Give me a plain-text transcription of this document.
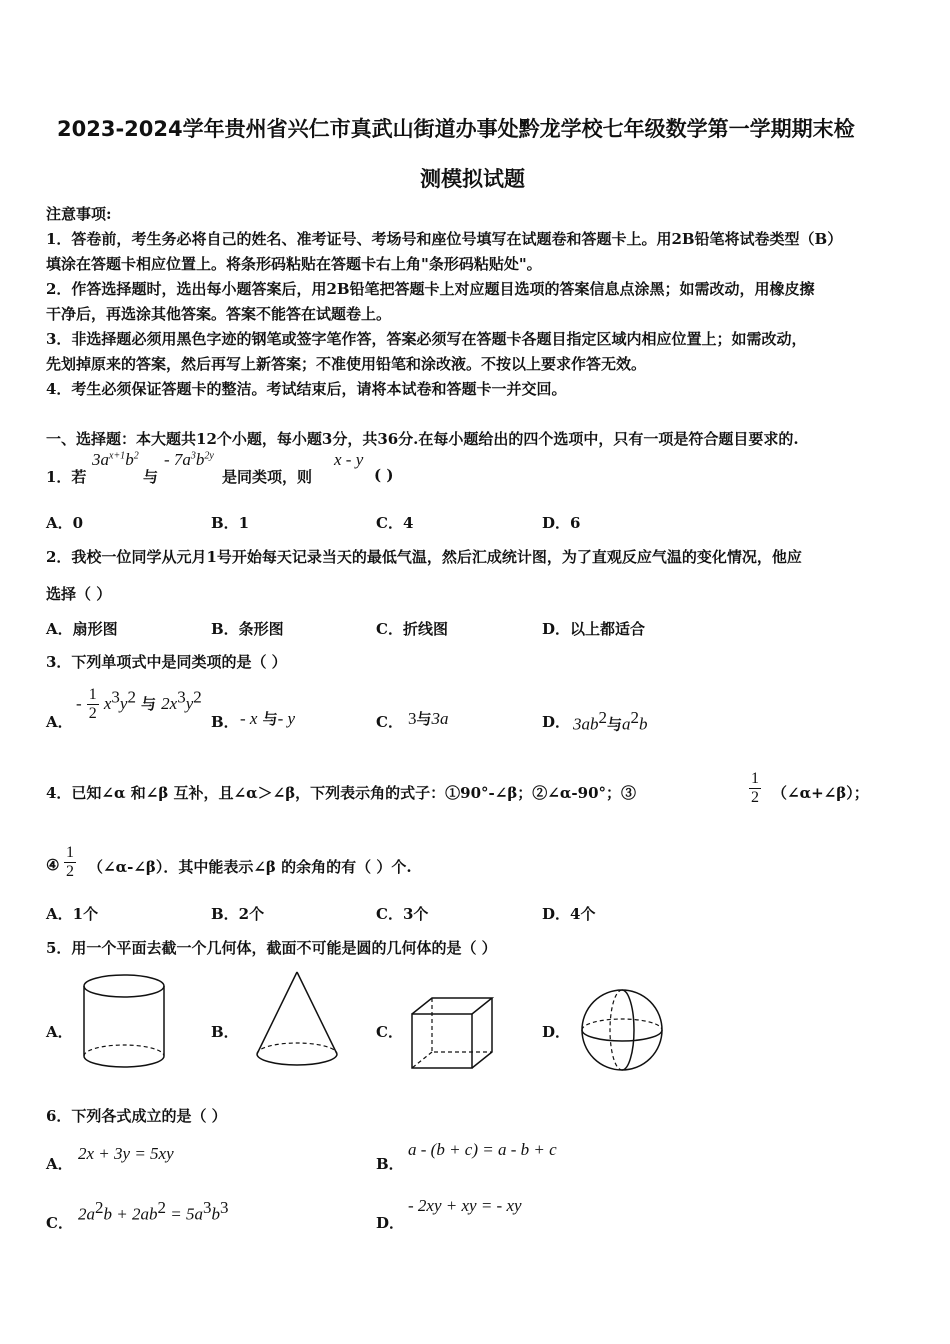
2023-2024学年贵州省兴仁市真武山街道办事处黔龙学校七年级数学第一学期期末检
测模拟试题
注意事项:
1．答卷前，考生务必将自己的姓名、准考证号、考场号和座位号填写在试题卷和答题卡上。用2B铅笔将试卷类型（B）
填涂在答题卡相应位置上。将条形码粘贴在答题卡右上角"条形码粘贴处"。
2．作答选择题时，选出每小题答案后，用2B铅笔把答题卡上对应题目选项的答案信息点涂黑；如需改动，用橡皮擦
干净后，再选涂其他答案。答案不能答在试题卷上。
3．非选择题必须用黑色字迹的钢笔或签字笔作答，答案必须写在答题卡各题目指定区域内相应位置上；如需改动，
先划掉原来的答案，然后再写上新答案；不准使用铅笔和涂改液。不按以上要求作答无效。
4．考生必须保证答题卡的整洁。考试结束后，请将本试卷和答题卡一并交回。
一、选择题：本大题共12个小题，每小题3分，共36分.在每小题给出的四个选项中，只有一项是符合题目要求的.
1．若
$3a^{x+1}b^2$
与
- $7a^3b^{2y}$
是同类项，则
x - y
( )
A．0	B．1	C．4	D．6
2．我校一位同学从元月1号开始每天记录当天的最低气温，然后汇成统计图，为了直观反应气温的变化情况，他应
选择（ ）
A．扇形图	B．条形图	C．折线图	D．以上都适合
3．下列单项式中是同类项的是（ ）
A．
- $\frac{1}{2} x^3y^2$ 与 $2x^3y^2$
B． - x 与- y	C． 3与3a	D． $3ab^2$与$a^2b$
4．已知∠α 和∠β 互补，且∠α＞∠β，下列表示角的式子：①90°-∠β；②∠α-90°；③	$\frac{1}{2}$ （∠α+∠β）；
④ $\frac{1}{2}$ （∠α-∠β）．其中能表示∠β 的余角的有（ ）个.
A．1个	B．2个	C．3个	D．4个
5．用一个平面去截一个几何体，截面不可能是圆的几何体的是（ ）
A．	B．	C．	D．
6．下列各式成立的是（ ）
A．
2x + 3y = 5xy
B．
a - (b + c) = a - b + c
C． $2a^2b + 2ab^2 = 5a^3b^3$
D．
- 2xy + xy = - xy
